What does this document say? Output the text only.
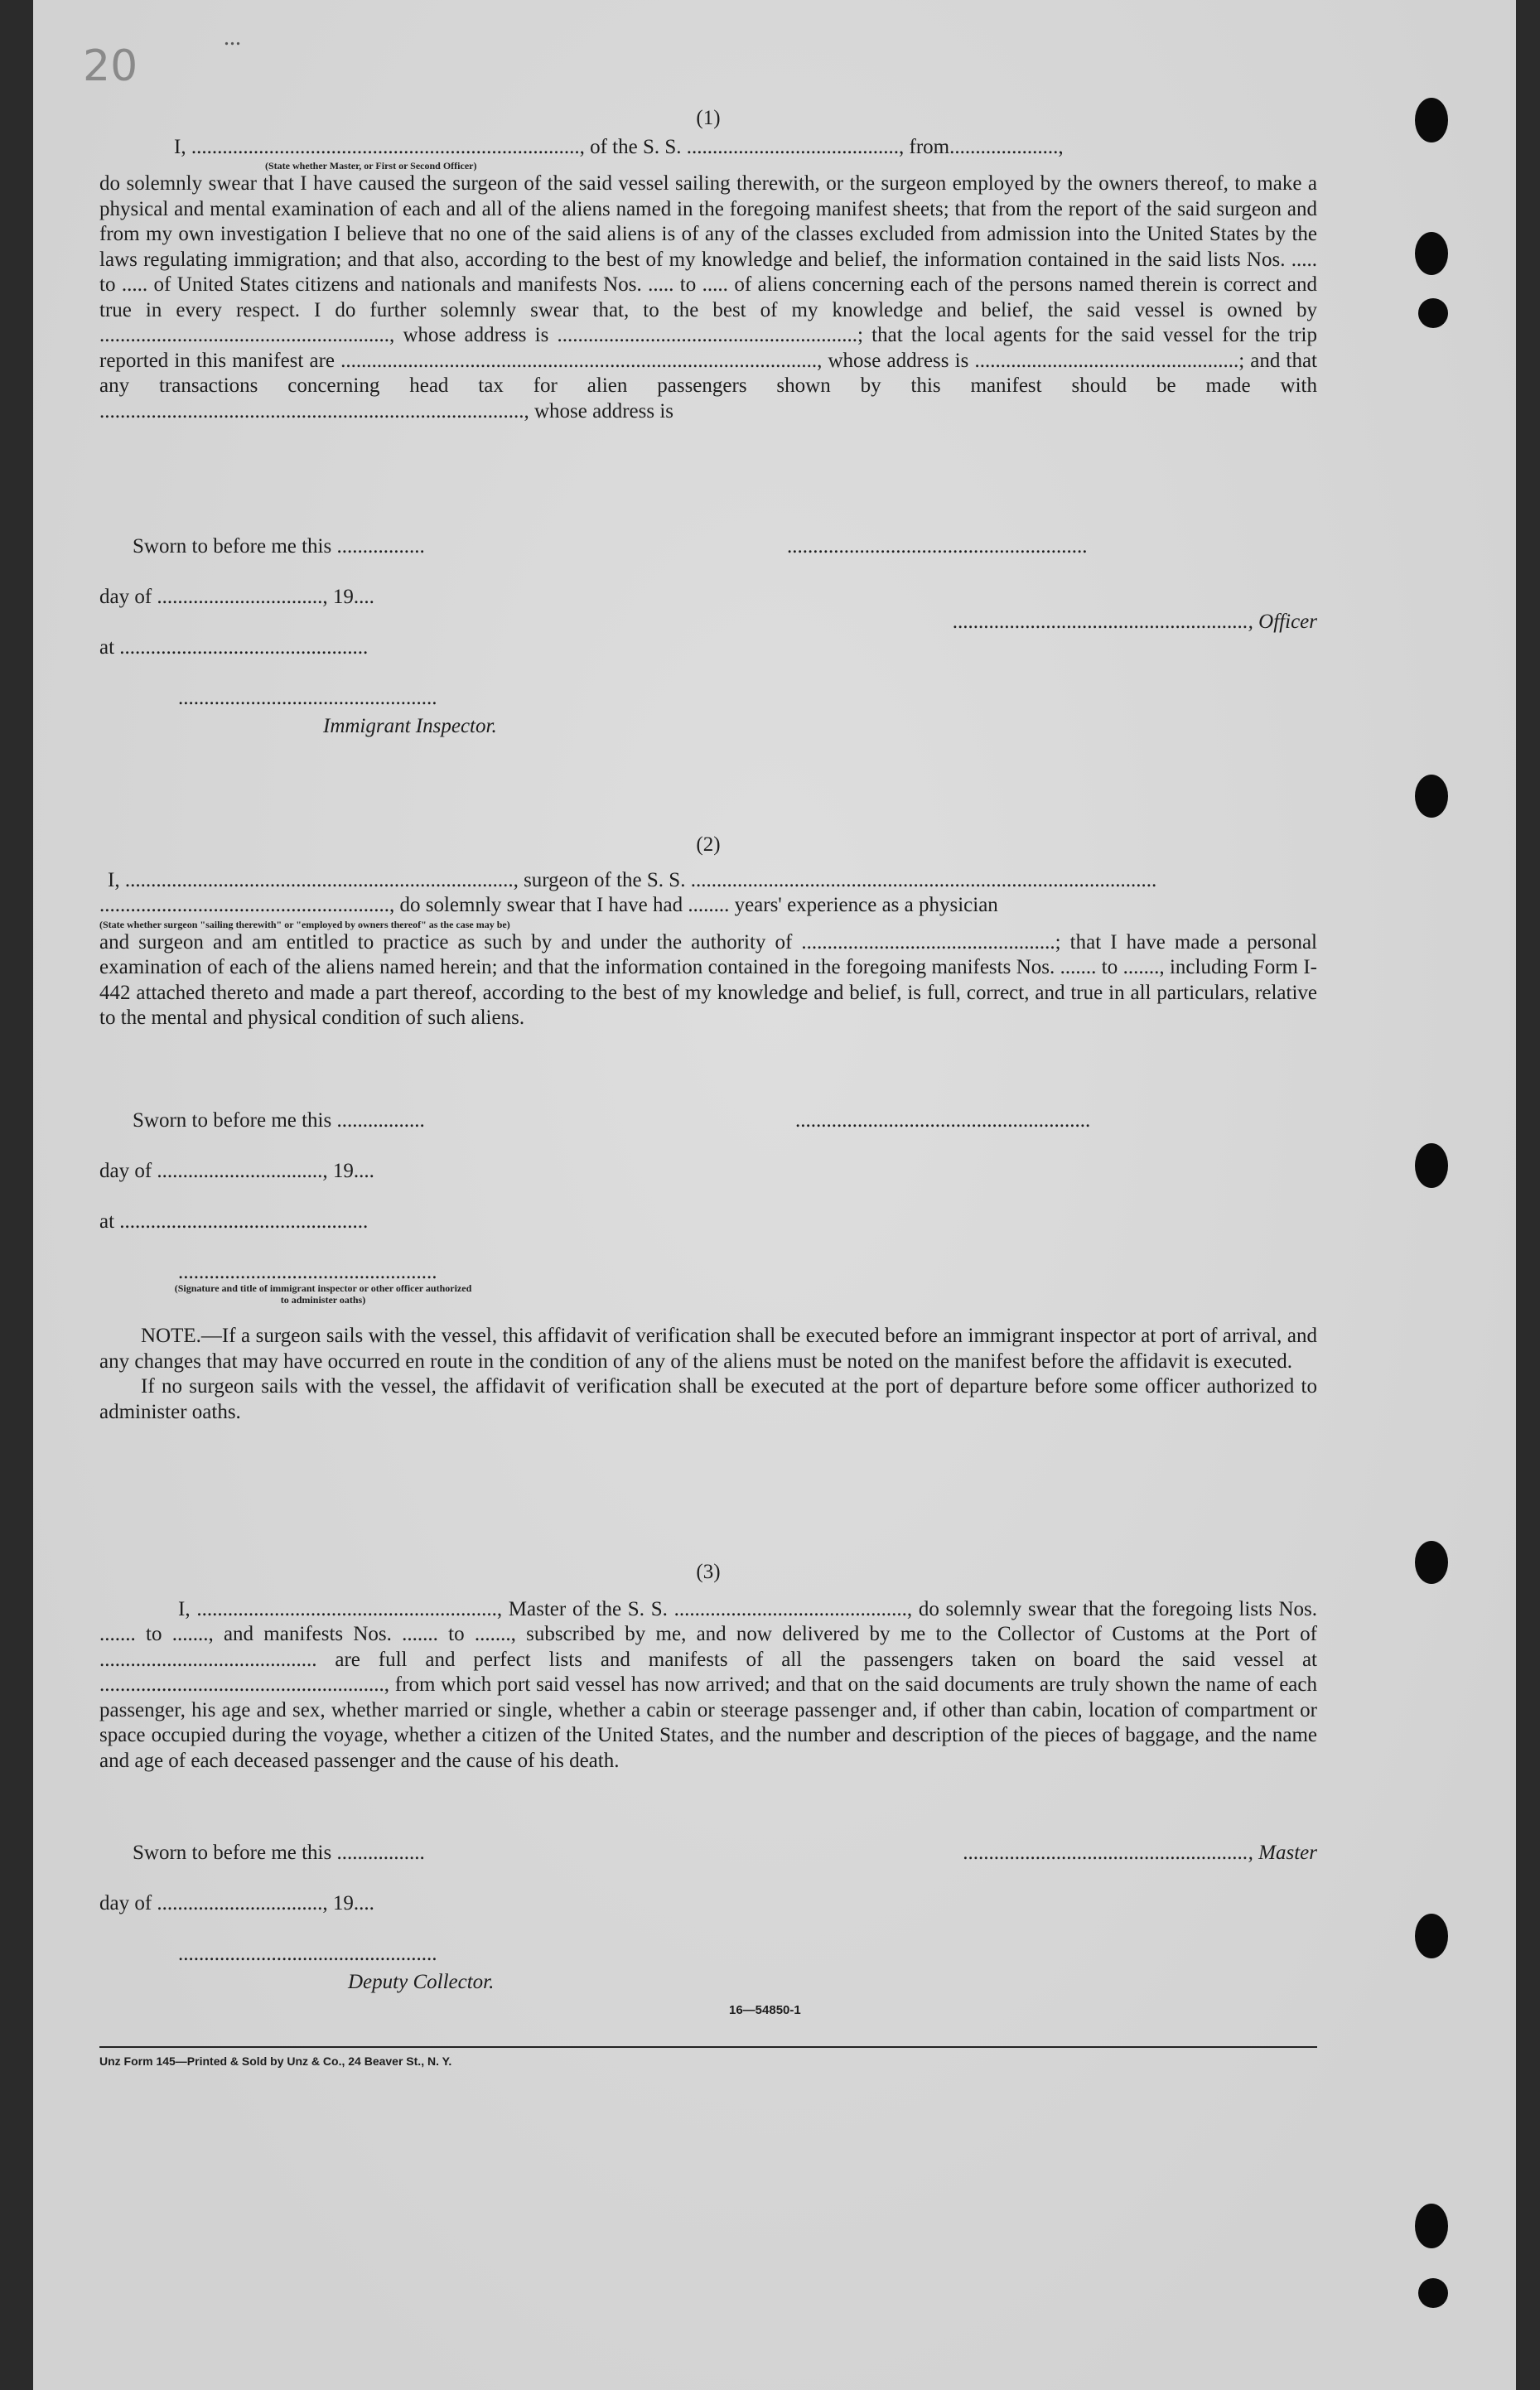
20
...
(1)
I, ..........................................................................., of the S. S. ........................................., from.....................,
(State whether Master, or First or Second Officer)

do solemnly swear that I have caused the surgeon of the said vessel sailing therewith, or the surgeon employed by the owners thereof, to make a physical and mental examination of each and all of the aliens named in the foregoing manifest sheets; that from the report of the said surgeon and from my own investigation I believe that no one of the said aliens is of any of the classes excluded from admission into the United States by the laws regulating immigration; and that also, according to the best of my knowledge and belief, the information contained in the said lists Nos. ..... to ..... of United States citizens and nationals and manifests Nos. ..... to ..... of aliens concerning each of the persons named therein is correct and true in every respect. I do further solemnly swear that, to the best of my knowledge and belief, the said vessel is owned by ........................................................, whose address is ..........................................................; that the local agents for the said vessel for the trip reported in this manifest are ............................................................................................, whose address is ...................................................; and that any transactions concerning head tax for alien passengers shown by this manifest should be made with .................................................................................., whose address is

Sworn to before me this .................	..........................................................
day of ................................, 19....
........................................................., Officer
at ................................................
..................................................
Immigrant Inspector.
(2)
I, ..........................................................................., surgeon of the S. S. ..........................................................................................
........................................................, do solemnly swear that I have had ........ years' experience as a physician
(State whether surgeon "sailing therewith" or "employed by owners thereof" as the case may be)

and surgeon and am entitled to practice as such by and under the authority of .................................................; that I have made a personal examination of each of the aliens named herein; and that the information contained in the foregoing manifests Nos. ....... to ......., including Form I-442 attached thereto and made a part thereof, according to the best of my knowledge and belief, is full, correct, and true in all particulars, relative to the mental and physical condition of such aliens.

Sworn to before me this .................	.........................................................
day of ................................, 19....
at ................................................
..................................................
(Signature and title of immigrant inspector or other officer authorized to administer oaths)

NOTE.—If a surgeon sails with the vessel, this affidavit of verification shall be executed before an immigrant inspector at port of arrival, and any changes that may have occurred en route in the condition of any of the aliens must be noted on the manifest before the affidavit is executed.

If no surgeon sails with the vessel, the affidavit of verification shall be executed at the port of departure before some officer authorized to administer oaths.

(3)

I, .........................................................., Master of the S. S. ............................................., do solemnly swear that the foregoing lists Nos. ....... to ......., and manifests Nos. ....... to ......., subscribed by me, and now delivered by me to the Collector of Customs at the Port of .......................................... are full and perfect lists and manifests of all the passengers taken on board the said vessel at ......................................................., from which port said vessel has now arrived; and that on the said documents are truly shown the name of each passenger, his age and sex, whether married or single, whether a cabin or steerage passenger and, if other than cabin, location of compartment or space occupied during the voyage, whether a citizen of the United States, and the number and description of the pieces of baggage, and the name and age of each deceased passenger and the cause of his death.

Sworn to before me this .................	......................................................., Master
day of ................................, 19....
..................................................
Deputy Collector.
16—54850-1
Unz Form 145—Printed & Sold by Unz & Co., 24 Beaver St., N. Y.
